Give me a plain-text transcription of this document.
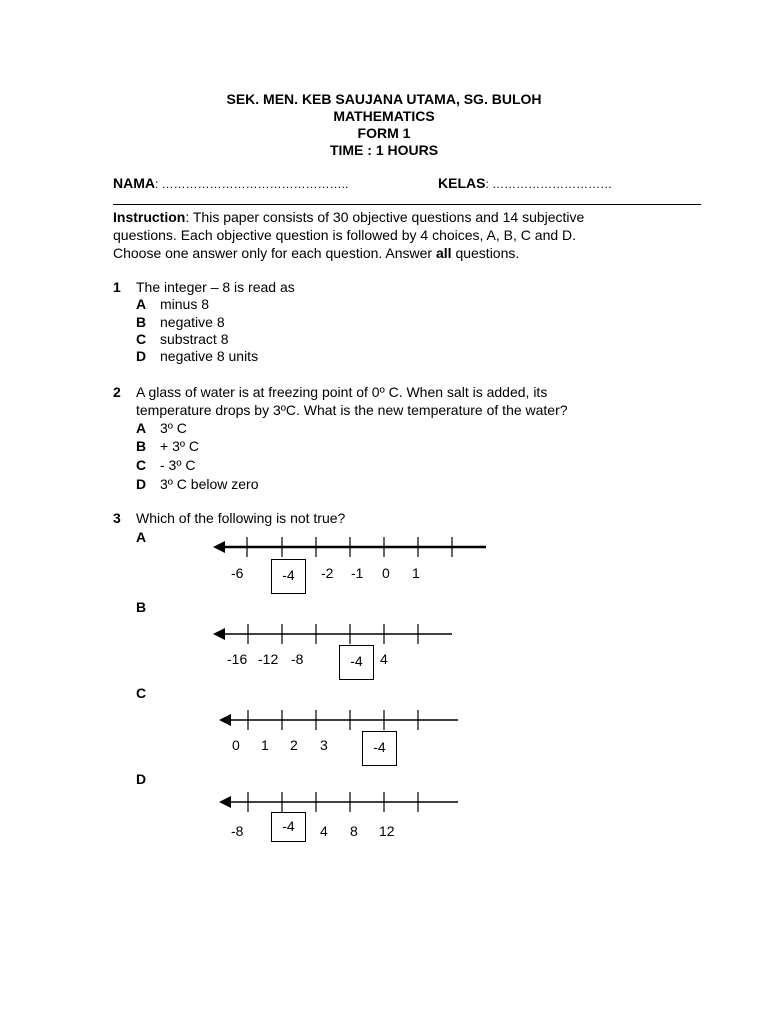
SEK. MEN. KEB SAUJANA UTAMA, SG. BULOH
MATHEMATICS
FORM 1
TIME : 1 HOURS
NAMA: ………………………………………..	KELAS: …………………………
Instruction: This paper consists of 30 objective questions and 14 subjective
questions. Each objective question is followed by 4 choices, A, B, C and D.
Choose one answer only for each question. Answer all questions.
1 The integer – 8 is read as
A minus 8
B negative 8
C substract 8
D negative 8 units
2 A glass of water is at freezing point of 0º C. When salt is added, its
temperature drops by 3ºC. What is the new temperature of the water?
A 3º C
B + 3º C
C - 3º C
D 3º C below zero
3 Which of the following is not true?
A
-6	-4	-2 -1 0 1
B
-16 -12 -8	-4	4
C
0 1 2 3	-4
D
-8	-4	4 8 12
